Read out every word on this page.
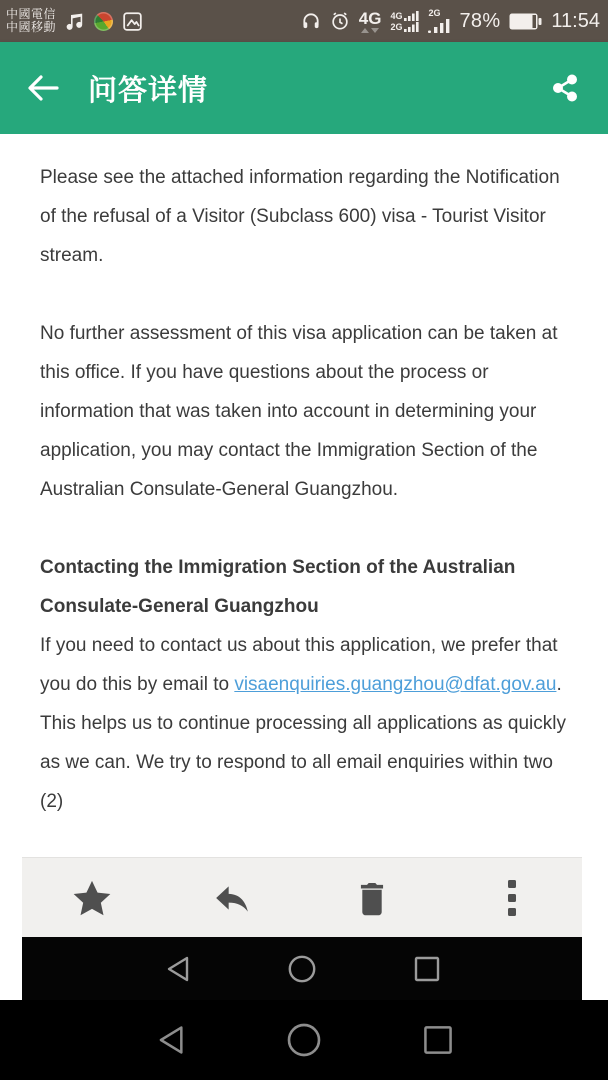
中國電信
中國移動	4G 4G
2G
2G 78%	11:54
问答详情

Please see the attached information regarding the Notification of the refusal of a Visitor (Subclass 600) visa - Tourist Visitor stream.

No further assessment of this visa application can be taken at this office. If you have questions about the process or information that was taken into account in determining your application, you may contact the Immigration Section of the Australian Consulate-General Guangzhou.

Contacting the Immigration Section of the Australian Consulate-General Guangzhou

If you need to contact us about this application, we prefer that you do this by email to visaenquiries.guangzhou@dfat.gov.au. This helps us to continue processing all applications as quickly as we can. We try to respond to all email enquiries within two (2)
